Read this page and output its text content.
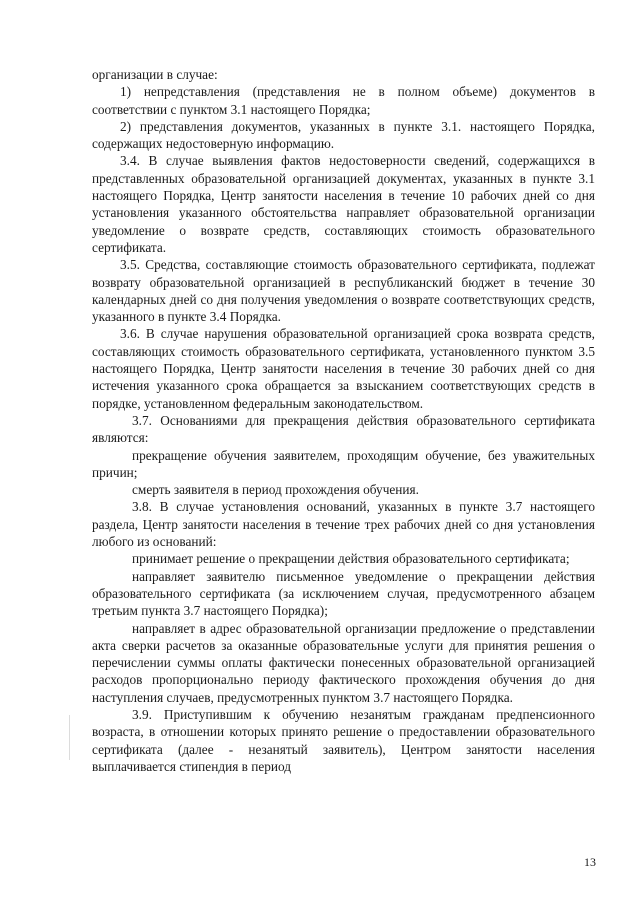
организации в случае:

1) непредставления (представления не в полном объеме) документов в соответствии с пунктом 3.1 настоящего Порядка;

2) представления документов, указанных в пункте 3.1. настоящего Порядка, содержащих недостоверную информацию.

3.4. В случае выявления фактов недостоверности сведений, содержащихся в представленных образовательной организацией документах, указанных в пункте 3.1 настоящего Порядка, Центр занятости населения в течение 10 рабочих дней со дня установления указанного обстоятельства направляет образовательной организации уведомление о возврате средств, составляющих стоимость образовательного сертификата.

3.5. Средства, составляющие стоимость образовательного сертификата, подлежат возврату образовательной организацией в республиканский бюджет в течение 30 календарных дней со дня получения уведомления о возврате соответствующих средств, указанного в пункте 3.4 Порядка.

3.6. В случае нарушения образовательной организацией срока возврата средств, составляющих стоимость образовательного сертификата, установленного пунктом 3.5 настоящего Порядка, Центр занятости населения в течение 30 рабочих дней со дня истечения указанного срока обращается за взысканием соответствующих средств в порядке, установленном федеральным законодательством.

3.7. Основаниями для прекращения действия образовательного сертификата являются:

прекращение обучения заявителем, проходящим обучение, без уважительных причин;

смерть заявителя в период прохождения обучения.

3.8. В случае установления оснований, указанных в пункте 3.7 настоящего раздела, Центр занятости населения в течение трех рабочих дней со дня установления любого из оснований:

принимает решение о прекращении действия образовательного сертификата;

направляет заявителю письменное уведомление о прекращении действия образовательного сертификата (за исключением случая, предусмотренного абзацем третьим пункта 3.7 настоящего Порядка);

направляет в адрес образовательной организации предложение о представлении акта сверки расчетов за оказанные образовательные услуги для принятия решения о перечислении суммы оплаты фактически понесенных образовательной организацией расходов пропорционально периоду фактического прохождения обучения до дня наступления случаев, предусмотренных пунктом 3.7 настоящего Порядка.

3.9. Приступившим к обучению незанятым гражданам предпенсионного возраста, в отношении которых принято решение о предоставлении образовательного сертификата (далее - незанятый заявитель), Центром занятости населения выплачивается стипендия в период

13
